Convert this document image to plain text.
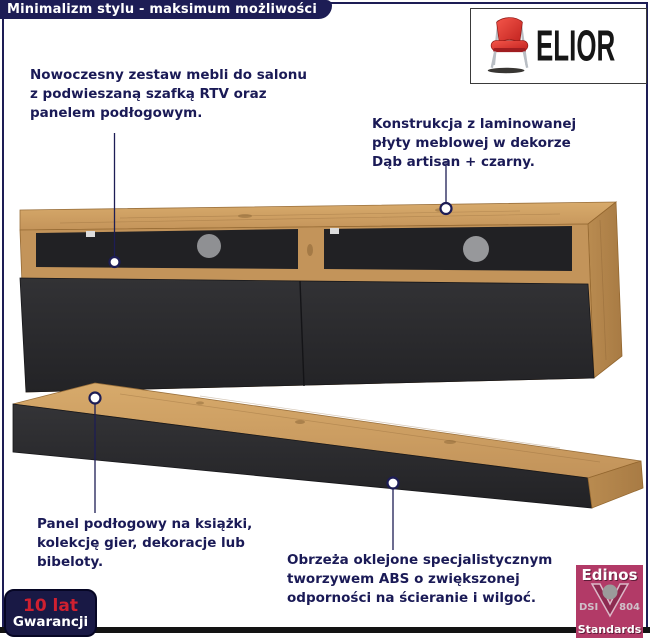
Minimalizm stylu - maksimum możliwości
ELIOR
Nowoczesny zestaw mebli do salonu
z podwieszaną szafką RTV oraz
panelem podłogowym.
Konstrukcja z laminowanej
płyty meblowej w dekorze
Dąb artisan + czarny.
Panel podłogowy na książki,
kolekcję gier, dekoracje lub
bibeloty.	Obrzeża oklejone specjalistycznym
tworzywem ABS o zwiększonej
odporności na ścieranie i wilgoć.
10 lat
Gwarancji
Edinos
DSI 804
Standards
